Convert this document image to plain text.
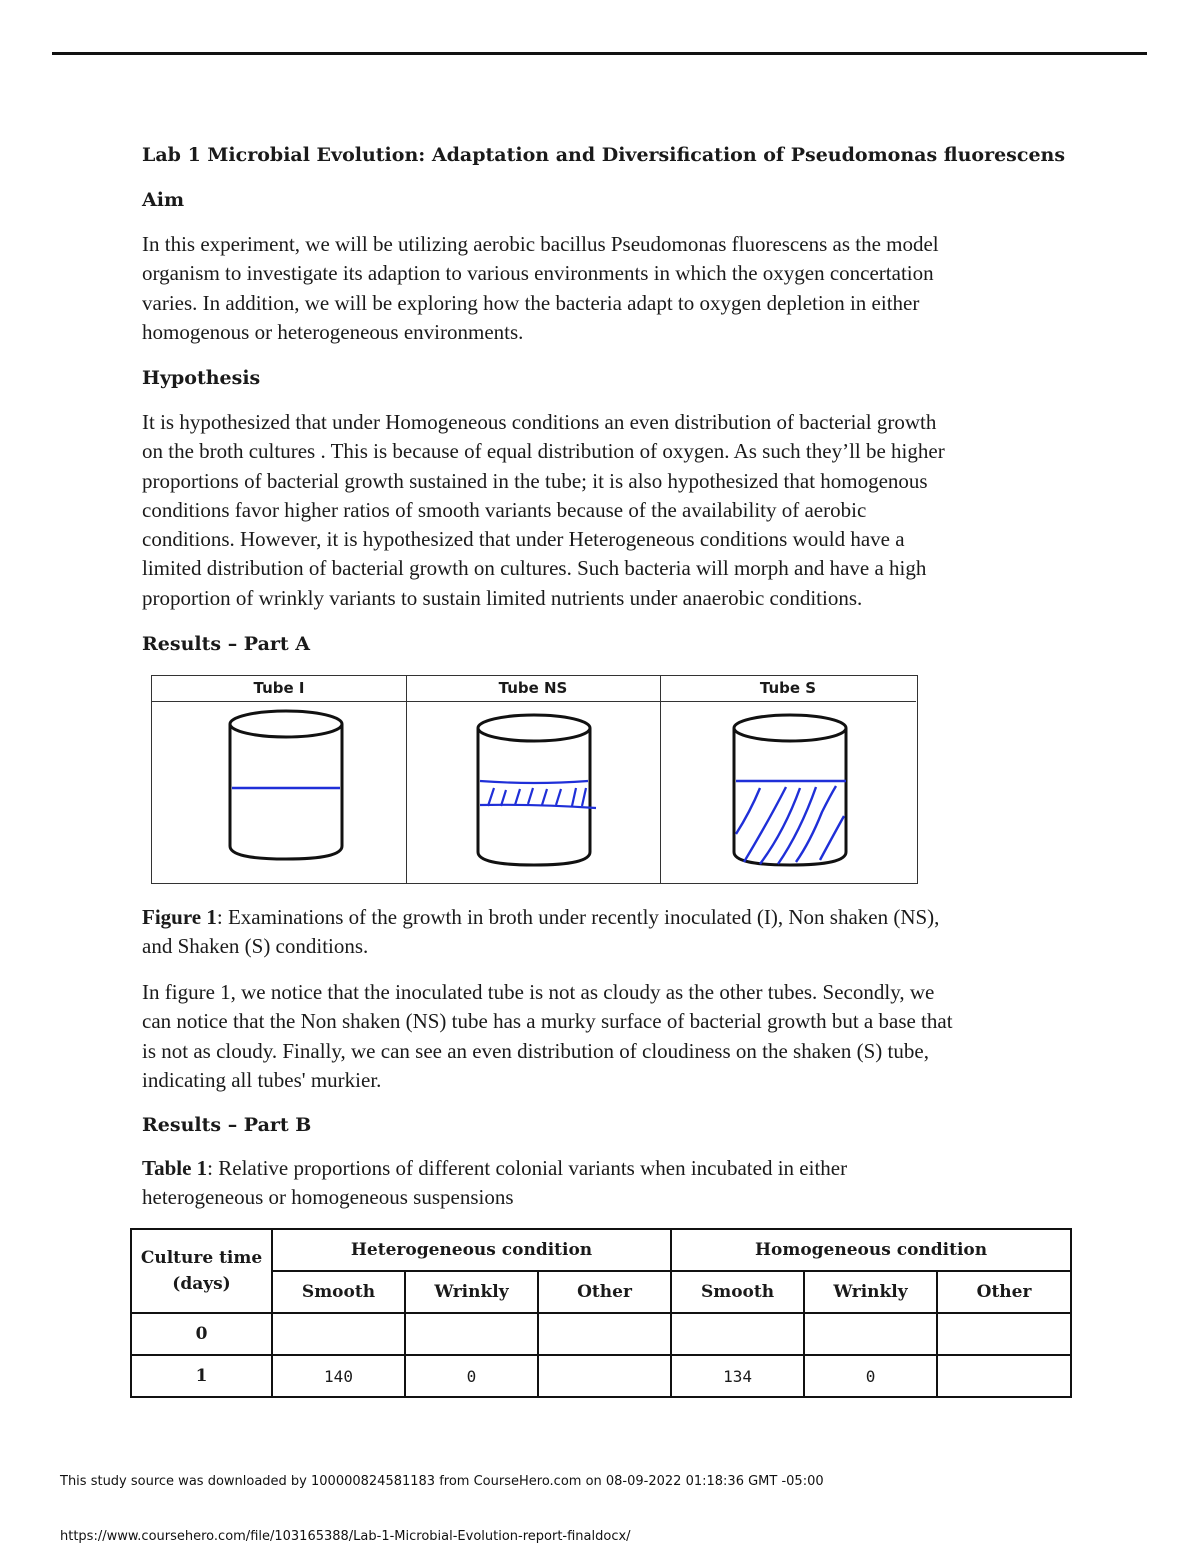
Lab 1 Microbial Evolution: Adaptation and Diversification of Pseudomonas fluorescens
Aim
In this experiment, we will be utilizing aerobic bacillus Pseudomonas fluorescens as the model
organism to investigate its adaption to various environments in which the oxygen concertation
varies. In addition, we will be exploring how the bacteria adapt to oxygen depletion in either
homogenous or heterogeneous environments.
Hypothesis
It is hypothesized that under Homogeneous conditions an even distribution of bacterial growth
on the broth cultures . This is because of equal distribution of oxygen. As such they’ll be higher
proportions of bacterial growth sustained in the tube; it is also hypothesized that homogenous
conditions favor higher ratios of smooth variants because of the availability of aerobic
conditions. However, it is hypothesized that under Heterogeneous conditions would have a
limited distribution of bacterial growth on cultures. Such bacteria will morph and have a high
proportion of wrinkly variants to sustain limited nutrients under anaerobic conditions.
Results – Part A
Tube I	Tube NS	Tube S
Figure 1: Examinations of the growth in broth under recently inoculated (I), Non shaken (NS),
and Shaken (S) conditions.
In figure 1, we notice that the inoculated tube is not as cloudy as the other tubes. Secondly, we
can notice that the Non shaken (NS) tube has a murky surface of bacterial growth but a base that
is not as cloudy. Finally, we can see an even distribution of cloudiness on the shaken (S) tube,
indicating all tubes' murkier.
Results – Part B
Table 1: Relative proportions of different colonial variants when incubated in either
heterogeneous or homogeneous suspensions
Culture time
(days)	Heterogeneous condition			Homogeneous condition		
	Smooth	Wrinkly	Other	Smooth	Wrinkly	Other
0						
1	140	0		134	0	
This study source was downloaded by 100000824581183 from CourseHero.com on 08-09-2022 01:18:36 GMT -05:00
https://www.coursehero.com/file/103165388/Lab-1-Microbial-Evolution-report-finaldocx/
